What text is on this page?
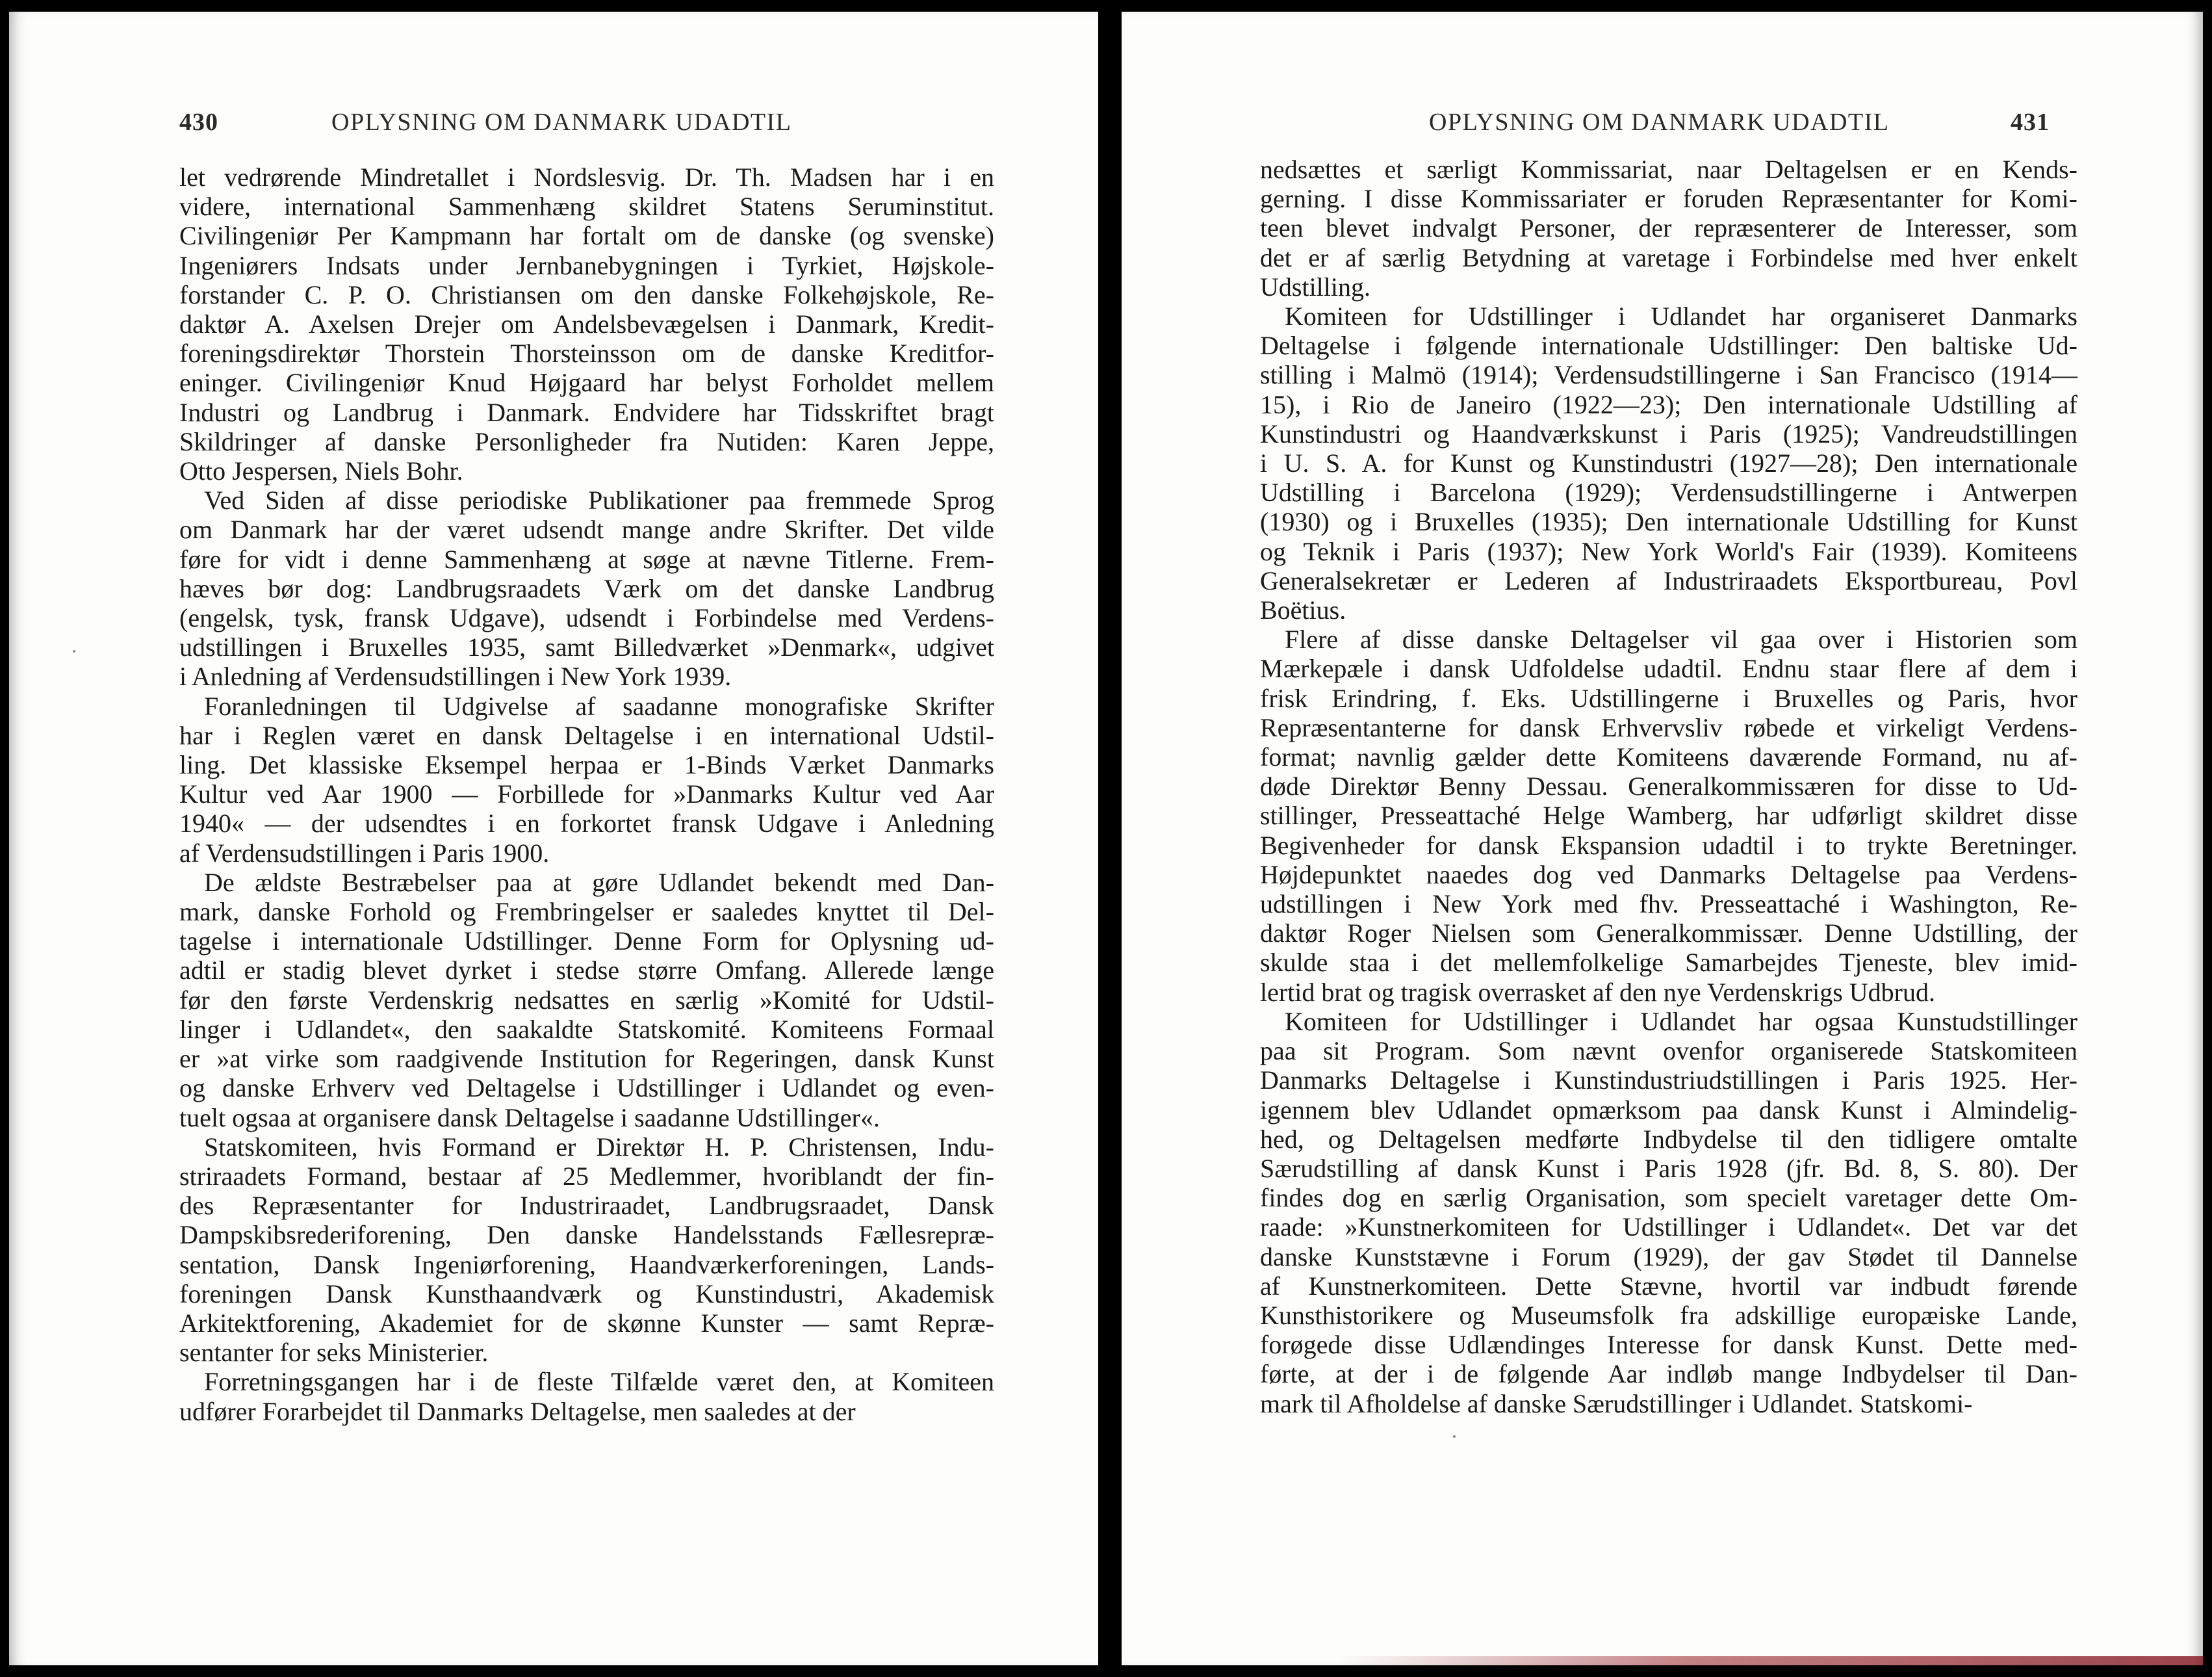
430	OPLYSNING OM DANMARK UDADTIL

let vedrørende Mindretallet i Nordslesvig. Dr. Th. Madsen har i en
videre, international Sammenhæng skildret Statens Seruminstitut.
Civilingeniør Per Kampmann har fortalt om de danske (og svenske)
Ingeniørers Indsats under Jernbanebygningen i Tyrkiet, Højskole-
forstander C. P. O. Christiansen om den danske Folkehøjskole, Re-
daktør A. Axelsen Drejer om Andelsbevægelsen i Danmark, Kredit-
foreningsdirektør Thorstein Thorsteinsson om de danske Kreditfor-
eninger. Civilingeniør Knud Højgaard har belyst Forholdet mellem
Industri og Landbrug i Danmark. Endvidere har Tidsskriftet bragt
Skildringer af danske Personligheder fra Nutiden: Karen Jeppe,
Otto Jespersen, Niels Bohr.

Ved Siden af disse periodiske Publikationer paa fremmede Sprog
om Danmark har der været udsendt mange andre Skrifter. Det vilde
føre for vidt i denne Sammenhæng at søge at nævne Titlerne. Frem-
hæves bør dog: Landbrugsraadets Værk om det danske Landbrug
(engelsk, tysk, fransk Udgave), udsendt i Forbindelse med Verdens-
udstillingen i Bruxelles 1935, samt Billedværket »Denmark«, udgivet
i Anledning af Verdensudstillingen i New York 1939.

Foranledningen til Udgivelse af saadanne monografiske Skrifter
har i Reglen været en dansk Deltagelse i en international Udstil-
ling. Det klassiske Eksempel herpaa er 1-Binds Værket Danmarks
Kultur ved Aar 1900 — Forbillede for »Danmarks Kultur ved Aar
1940« — der udsendtes i en forkortet fransk Udgave i Anledning
af Verdensudstillingen i Paris 1900.

De ældste Bestræbelser paa at gøre Udlandet bekendt med Dan-
mark, danske Forhold og Frembringelser er saaledes knyttet til Del-
tagelse i internationale Udstillinger. Denne Form for Oplysning ud-
adtil er stadig blevet dyrket i stedse større Omfang. Allerede længe
før den første Verdenskrig nedsattes en særlig »Komité for Udstil-
linger i Udlandet«, den saakaldte Statskomité. Komiteens Formaal
er »at virke som raadgivende Institution for Regeringen, dansk Kunst
og danske Erhverv ved Deltagelse i Udstillinger i Udlandet og even-
tuelt ogsaa at organisere dansk Deltagelse i saadanne Udstillinger«.

Statskomiteen, hvis Formand er Direktør H. P. Christensen, Indu-
striraadets Formand, bestaar af 25 Medlemmer, hvoriblandt der fin-
des Repræsentanter for Industriraadet, Landbrugsraadet, Dansk
Dampskibsrederiforening, Den danske Handelsstands Fællesrepræ-
sentation, Dansk Ingeniørforening, Haandværkerforeningen, Lands-
foreningen Dansk Kunsthaandværk og Kunstindustri, Akademisk
Arkitektforening, Akademiet for de skønne Kunster — samt Repræ-
sentanter for seks Ministerier.

Forretningsgangen har i de fleste Tilfælde været den, at Komiteen
udfører Forarbejdet til Danmarks Deltagelse, men saaledes at der

OPLYSNING OM DANMARK UDADTIL	431

nedsættes et særligt Kommissariat, naar Deltagelsen er en Kends-
gerning. I disse Kommissariater er foruden Repræsentanter for Komi-
teen blevet indvalgt Personer, der repræsenterer de Interesser, som
det er af særlig Betydning at varetage i Forbindelse med hver enkelt
Udstilling.

Komiteen for Udstillinger i Udlandet har organiseret Danmarks
Deltagelse i følgende internationale Udstillinger: Den baltiske Ud-
stilling i Malmö (1914); Verdensudstillingerne i San Francisco (1914—
15), i Rio de Janeiro (1922—23); Den internationale Udstilling af
Kunstindustri og Haandværkskunst i Paris (1925); Vandreudstillingen
i U. S. A. for Kunst og Kunstindustri (1927—28); Den internationale
Udstilling i Barcelona (1929); Verdensudstillingerne i Antwerpen
(1930) og i Bruxelles (1935); Den internationale Udstilling for Kunst
og Teknik i Paris (1937); New York World's Fair (1939). Komiteens
Generalsekretær er Lederen af Industriraadets Eksportbureau, Povl
Boëtius.

Flere af disse danske Deltagelser vil gaa over i Historien som
Mærkepæle i dansk Udfoldelse udadtil. Endnu staar flere af dem i
frisk Erindring, f. Eks. Udstillingerne i Bruxelles og Paris, hvor
Repræsentanterne for dansk Erhvervsliv røbede et virkeligt Verdens-
format; navnlig gælder dette Komiteens daværende Formand, nu af-
døde Direktør Benny Dessau. Generalkommissæren for disse to Ud-
stillinger, Presseattaché Helge Wamberg, har udførligt skildret disse
Begivenheder for dansk Ekspansion udadtil i to trykte Beretninger.
Højdepunktet naaedes dog ved Danmarks Deltagelse paa Verdens-
udstillingen i New York med fhv. Presseattaché i Washington, Re-
daktør Roger Nielsen som Generalkommissær. Denne Udstilling, der
skulde staa i det mellemfolkelige Samarbejdes Tjeneste, blev imid-
lertid brat og tragisk overrasket af den nye Verdenskrigs Udbrud.

Komiteen for Udstillinger i Udlandet har ogsaa Kunstudstillinger
paa sit Program. Som nævnt ovenfor organiserede Statskomiteen
Danmarks Deltagelse i Kunstindustriudstillingen i Paris 1925. Her-
igennem blev Udlandet opmærksom paa dansk Kunst i Almindelig-
hed, og Deltagelsen medførte Indbydelse til den tidligere omtalte
Særudstilling af dansk Kunst i Paris 1928 (jfr. Bd. 8, S. 80). Der
findes dog en særlig Organisation, som specielt varetager dette Om-
raade: »Kunstnerkomiteen for Udstillinger i Udlandet«. Det var det
danske Kunststævne i Forum (1929), der gav Stødet til Dannelse
af Kunstnerkomiteen. Dette Stævne, hvortil var indbudt førende
Kunsthistorikere og Museumsfolk fra adskillige europæiske Lande,
forøgede disse Udlændinges Interesse for dansk Kunst. Dette med-
førte, at der i de følgende Aar indløb mange Indbydelser til Dan-
mark til Afholdelse af danske Særudstillinger i Udlandet. Statskomi-
